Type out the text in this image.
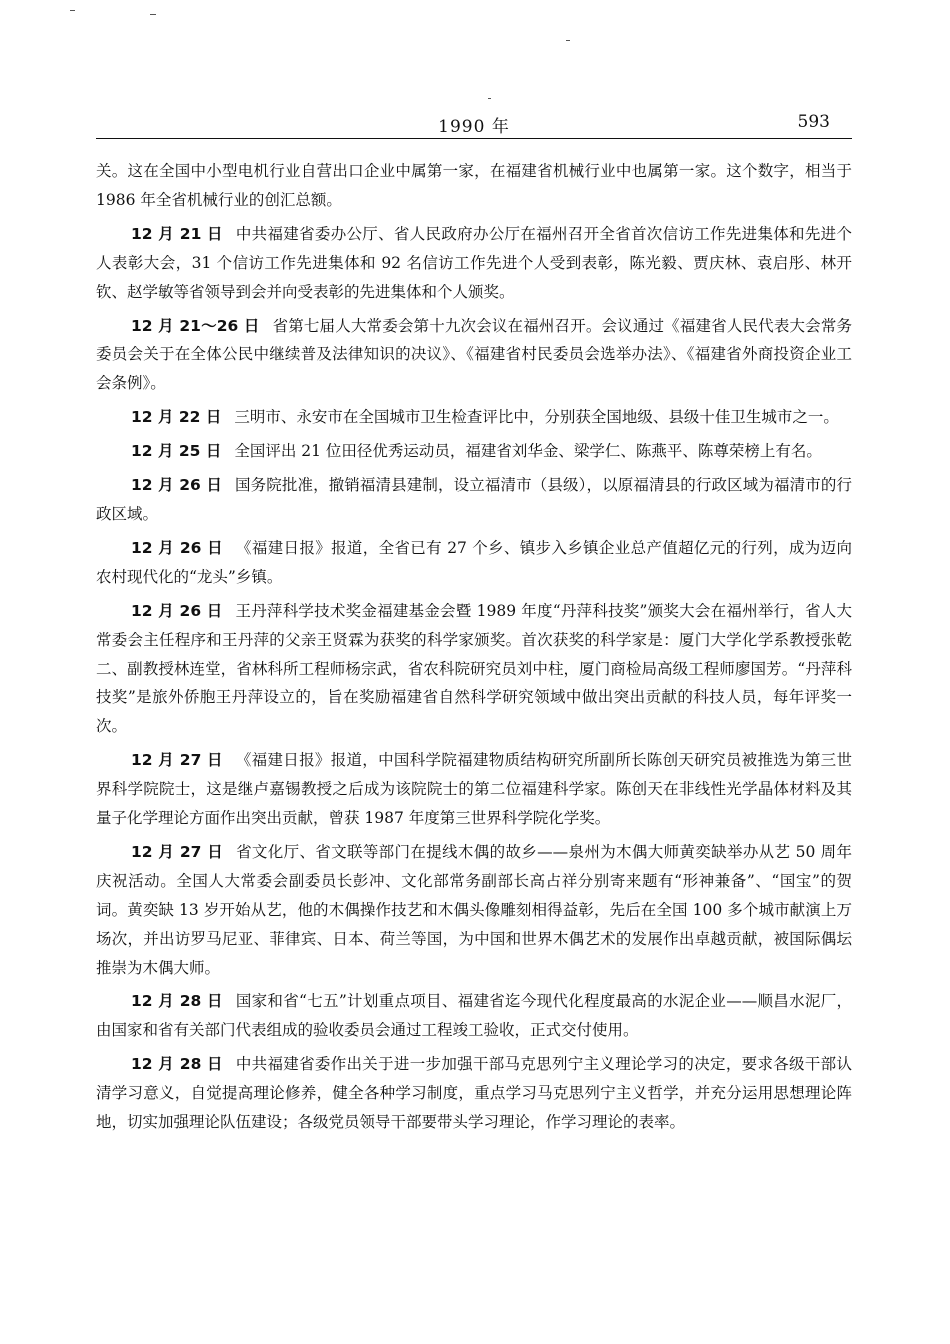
1990 年	593

关。这在全国中小型电机行业自营出口企业中属第一家，在福建省机械行业中也属第一家。这个数字，相当于 1986 年全省机械行业的创汇总额。

12 月 21 日 中共福建省委办公厅、省人民政府办公厅在福州召开全省首次信访工作先进集体和先进个人表彰大会，31 个信访工作先进集体和 92 名信访工作先进个人受到表彰，陈光毅、贾庆林、袁启彤、林开钦、赵学敏等省领导到会并向受表彰的先进集体和个人颁奖。

12 月 21～26 日 省第七届人大常委会第十九次会议在福州召开。会议通过《福建省人民代表大会常务委员会关于在全体公民中继续普及法律知识的决议》、《福建省村民委员会选举办法》、《福建省外商投资企业工会条例》。

12 月 22 日 三明市、永安市在全国城市卫生检查评比中，分别获全国地级、县级十佳卫生城市之一。

12 月 25 日 全国评出 21 位田径优秀运动员，福建省刘华金、梁学仁、陈燕平、陈尊荣榜上有名。

12 月 26 日 国务院批准，撤销福清县建制，设立福清市（县级），以原福清县的行政区域为福清市的行政区域。

12 月 26 日 《福建日报》报道，全省已有 27 个乡、镇步入乡镇企业总产值超亿元的行列，成为迈向农村现代化的“龙头”乡镇。

12 月 26 日 王丹萍科学技术奖金福建基金会暨 1989 年度“丹萍科技奖”颁奖大会在福州举行，省人大常委会主任程序和王丹萍的父亲王贤霖为获奖的科学家颁奖。首次获奖的科学家是：厦门大学化学系教授张乾二、副教授林连堂，省林科所工程师杨宗武，省农科院研究员刘中柱，厦门商检局高级工程师廖国芳。“丹萍科技奖”是旅外侨胞王丹萍设立的，旨在奖励福建省自然科学研究领域中做出突出贡献的科技人员，每年评奖一次。

12 月 27 日 《福建日报》报道，中国科学院福建物质结构研究所副所长陈创天研究员被推选为第三世界科学院院士，这是继卢嘉锡教授之后成为该院院士的第二位福建科学家。陈创天在非线性光学晶体材料及其量子化学理论方面作出突出贡献，曾获 1987 年度第三世界科学院化学奖。

12 月 27 日 省文化厅、省文联等部门在提线木偶的故乡——泉州为木偶大师黄奕缺举办从艺 50 周年庆祝活动。全国人大常委会副委员长彭冲、文化部常务副部长高占祥分别寄来题有“形神兼备”、“国宝”的贺词。黄奕缺 13 岁开始从艺，他的木偶操作技艺和木偶头像雕刻相得益彰，先后在全国 100 多个城市献演上万场次，并出访罗马尼亚、菲律宾、日本、荷兰等国，为中国和世界木偶艺术的发展作出卓越贡献，被国际偶坛推崇为木偶大师。

12 月 28 日 国家和省“七五”计划重点项目、福建省迄今现代化程度最高的水泥企业——顺昌水泥厂，由国家和省有关部门代表组成的验收委员会通过工程竣工验收，正式交付使用。

12 月 28 日 中共福建省委作出关于进一步加强干部马克思列宁主义理论学习的决定，要求各级干部认清学习意义，自觉提高理论修养，健全各种学习制度，重点学习马克思列宁主义哲学，并充分运用思想理论阵地，切实加强理论队伍建设；各级党员领导干部要带头学习理论，作学习理论的表率。
